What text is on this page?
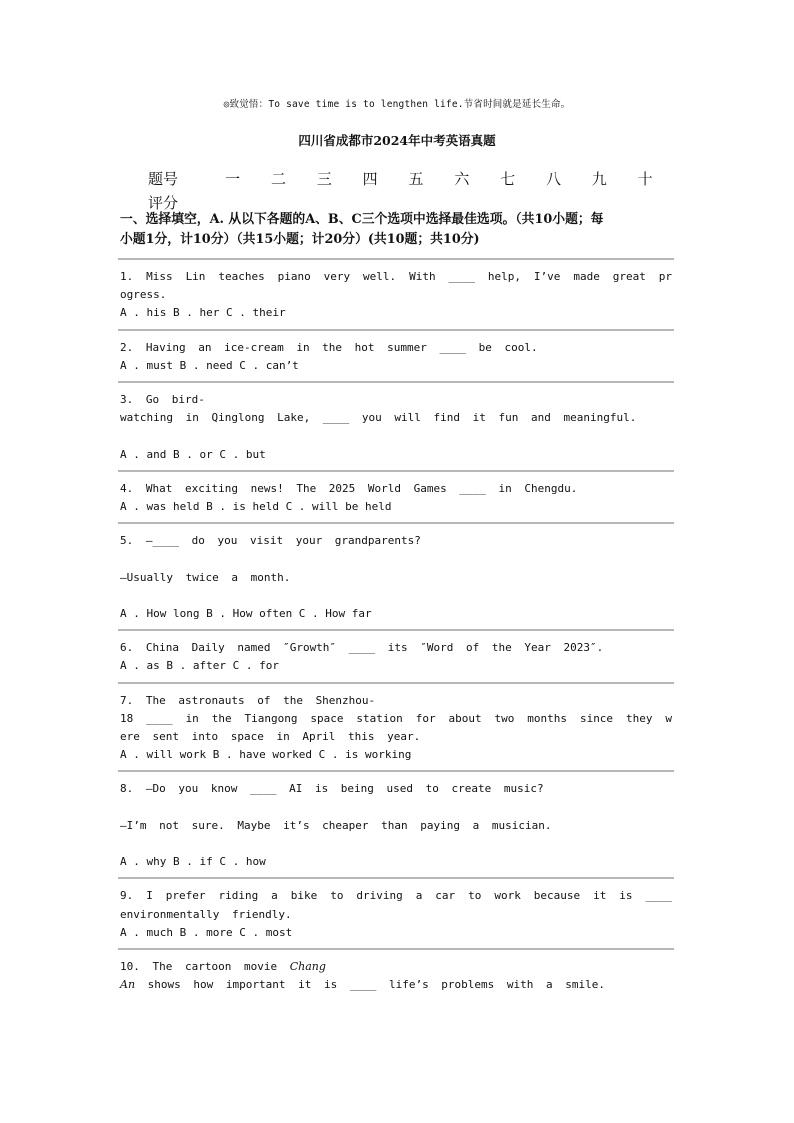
◎致觉悟：To save time is to lengthen life.节省时间就是延长生命。
四川省成都市2024年中考英语真题
题号	一	二	三	四	五	六	七	八	九	十
评分
一、选择填空，A. 从以下各题的A、B、C三个选项中选择最佳选项。（共10小题；每
小题1分，计10分）（共15小题；计20分）(共10题；共10分)
1. Miss Lin teaches piano very well. With ____ help, I’ve made great progress.
A . his B . her C . their
2. Having an ice-cream in the hot summer ____ be cool.
A . must B . need C . can’t
3. Go bird-
watching in Qinglong Lake, ____ you will find it fun and meaningful.
A . and B . or C . but
4. What exciting news! The 2025 World Games ____ in Chengdu.
A . was held B . is held C . will be held
5. —____ do you visit your grandparents?
—Usually twice a month.
A . How long B . How often C . How far
6. China Daily named ″Growth″ ____ its ″Word of the Year 2023″.
A . as B . after C . for
7. The astronauts of the Shenzhou-
18 ____ in the Tiangong space station for about two months since they were sent into space in April this year.
A . will work B . have worked C . is working
8. —Do you know ____ AI is being used to create music?
—I’m not sure. Maybe it’s cheaper than paying a musician.
A . why B . if C . how
9. I prefer riding a bike to driving a car to work because it is ____ environmentally friendly.
A . much B . more C . most
10. The cartoon movie Chang
An shows how important it is ____ life’s problems with a smile.
